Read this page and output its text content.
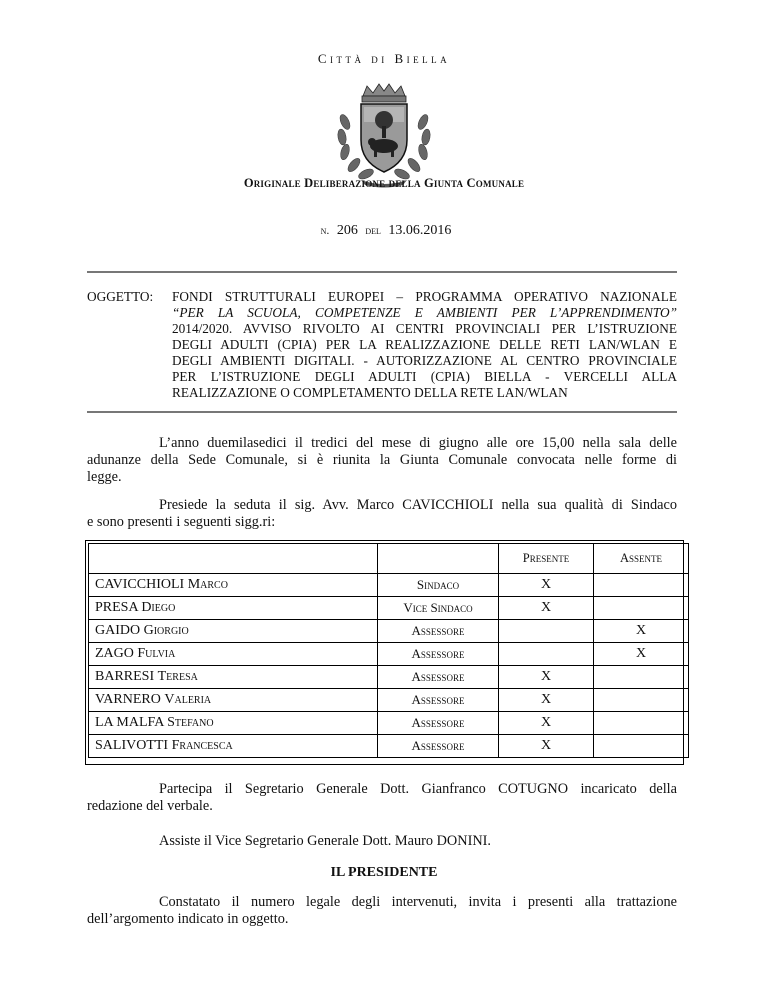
Città di Biella
Originale Deliberazione della Giunta Comunale
n. 206 del 13.06.2016
OGGETTO: FONDI STRUTTURALI EUROPEI – PROGRAMMA OPERATIVO NAZIONALE
“PER LA SCUOLA, COMPETENZE E AMBIENTI PER L’APPRENDIMENTO”
2014/2020. AVVISO RIVOLTO AI CENTRI PROVINCIALI PER L’ISTRUZIONE
DEGLI ADULTI (CPIA) PER LA REALIZZAZIONE DELLE RETI LAN/WLAN E
DEGLI AMBIENTI DIGITALI. - AUTORIZZAZIONE AL CENTRO PROVINCIALE
PER L’ISTRUZIONE DEGLI ADULTI (CPIA) BIELLA - VERCELLI ALLA
REALIZZAZIONE O COMPLETAMENTO DELLA RETE LAN/WLAN
L’anno duemilasedici il tredici del mese di giugno alle ore 15,00 nella sala delle
adunanze della Sede Comunale, si è riunita la Giunta Comunale convocata nelle forme di
legge.
Presiede la seduta il sig. Avv. Marco CAVICCHIOLI nella sua qualità di Sindaco
e sono presenti i seguenti sigg.ri:
		Presente	Assente
CAVICCHIOLI Marco	Sindaco	X	
PRESA Diego	Vice Sindaco	X	
GAIDO Giorgio	Assessore		X
ZAGO Fulvia	Assessore		X
BARRESI Teresa	Assessore	X	
VARNERO Valeria	Assessore	X	
LA MALFA Stefano	Assessore	X	
SALIVOTTI Francesca	Assessore	X	
Partecipa il Segretario Generale Dott. Gianfranco COTUGNO incaricato della
redazione del verbale.
Assiste il Vice Segretario Generale Dott. Mauro DONINI.
IL PRESIDENTE
Constatato il numero legale degli intervenuti, invita i presenti alla trattazione
dell’argomento indicato in oggetto.
